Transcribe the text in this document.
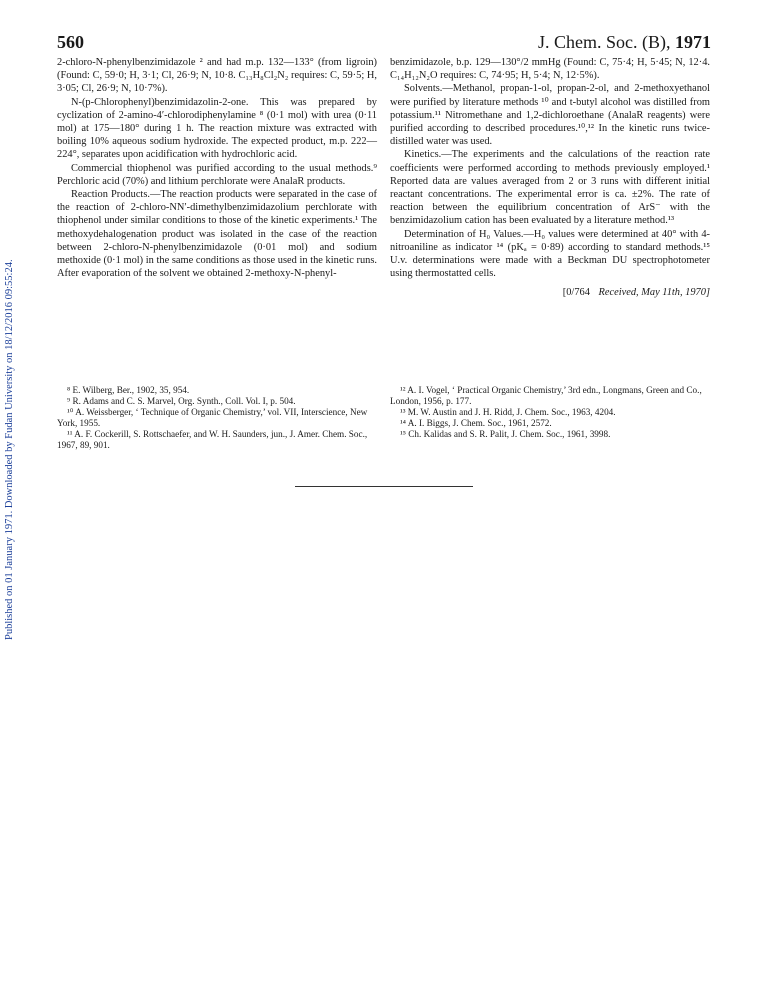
Published on 01 January 1971. Downloaded by Fudan University on 18/12/2016 09:55:24.
560	J. Chem. Soc. (B), 1971

2-chloro-N-phenylbenzimidazole ² and had m.p. 132—133° (from ligroin) (Found: C, 59·0; H, 3·1; Cl, 26·9; N, 10·8. C₁₃H₈Cl₂N₂ requires: C, 59·5; H, 3·05; Cl, 26·9; N, 10·7%).

N-(p-Chlorophenyl)benzimidazolin-2-one. This was prepared by cyclization of 2-amino-4′-chlorodiphenylamine ⁸ (0·1 mol) with urea (0·11 mol) at 175—180° during 1 h. The reaction mixture was extracted with boiling 10% aqueous sodium hydroxide. The expected product, m.p. 222—224°, separates upon acidification with hydrochloric acid.

Commercial thiophenol was purified according to the usual methods.⁹ Perchloric acid (70%) and lithium perchlorate were AnalaR products.

Reaction Products.—The reaction products were separated in the case of the reaction of 2-chloro-NN′-dimethylbenzimidazolium perchlorate with thiophenol under similar conditions to those of the kinetic experiments.¹ The methoxydehalogenation product was isolated in the case of the reaction between 2-chloro-N-phenylbenzimidazole (0·01 mol) and sodium methoxide (0·1 mol) in the same conditions as those used in the kinetic runs. After evaporation of the solvent we obtained 2-methoxy-N-phenyl-

benzimidazole, b.p. 129—130°/2 mmHg (Found: C, 75·4; H, 5·45; N, 12·4. C₁₄H₁₂N₂O requires: C, 74·95; H, 5·4; N, 12·5%).

Solvents.—Methanol, propan-1-ol, propan-2-ol, and 2-methoxyethanol were purified by literature methods ¹⁰ and t-butyl alcohol was distilled from potassium.¹¹ Nitromethane and 1,2-dichloroethane (AnalaR reagents) were purified according to described procedures.¹⁰,¹² In the kinetic runs twice-distilled water was used.

Kinetics.—The experiments and the calculations of the reaction rate coefficients were performed according to methods previously employed.¹ Reported data are values averaged from 2 or 3 runs with different initial reactant concentrations. The experimental error is ca. ±2%. The rate of reaction between the equilibrium concentration of ArS⁻ with the benzimidazolium cation has been evaluated by a literature method.¹³

Determination of H₀ Values.—H₀ values were determined at 40° with 4-nitroaniline as indicator ¹⁴ (pKₐ = 0·89) according to standard methods.¹⁵ U.v. determinations were made with a Beckman DU spectrophotometer using thermostatted cells.

[0/764 Received, May 11th, 1970]

⁸ E. Wilberg, Ber., 1902, 35, 954.

⁹ R. Adams and C. S. Marvel, Org. Synth., Coll. Vol. I, p. 504.

¹⁰ A. Weissberger, ‘ Technique of Organic Chemistry,’ vol. VII, Interscience, New York, 1955.

¹¹ A. F. Cockerill, S. Rottschaefer, and W. H. Saunders, jun., J. Amer. Chem. Soc., 1967, 89, 901.

¹² A. I. Vogel, ‘ Practical Organic Chemistry,’ 3rd edn., Longmans, Green and Co., London, 1956, p. 177.

¹³ M. W. Austin and J. H. Ridd, J. Chem. Soc., 1963, 4204.

¹⁴ A. I. Biggs, J. Chem. Soc., 1961, 2572.

¹⁵ Ch. Kalidas and S. R. Palit, J. Chem. Soc., 1961, 3998.
